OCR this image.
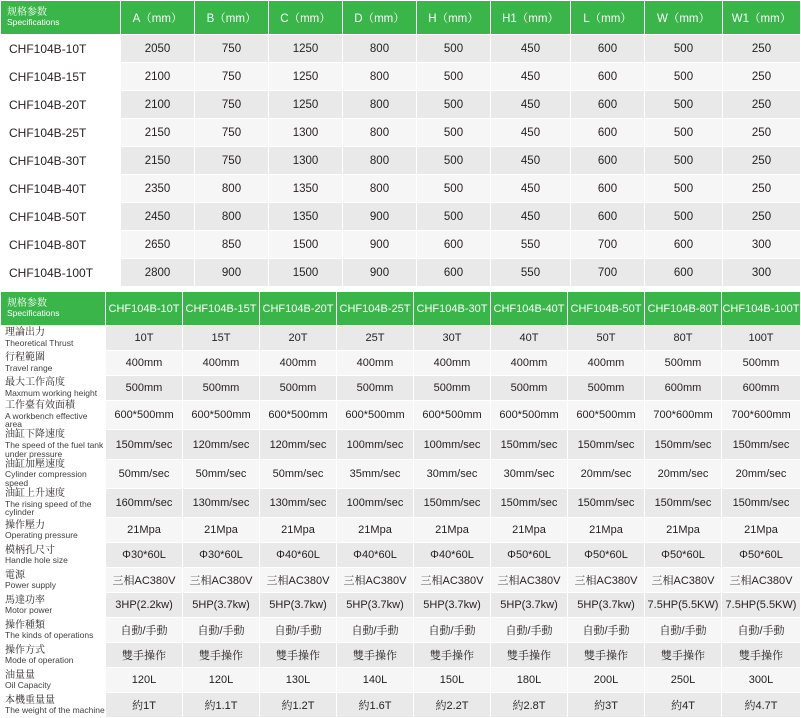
规格参数
Specifications	A（mm）	B（mm）	C（mm）	D（mm）	H（mm）	H1（mm）	L（mm）	W（mm）	W1（mm）
CHF104B-10T	2050	750	1250	800	500	450	600	500	250
CHF104B-15T	2100	750	1250	800	500	450	600	500	250
CHF104B-20T	2100	750	1250	800	500	450	600	500	250
CHF104B-25T	2150	750	1300	800	500	450	600	500	250
CHF104B-30T	2150	750	1300	800	500	450	600	500	250
CHF104B-40T	2350	800	1350	800	500	450	600	500	250
CHF104B-50T	2450	800	1350	900	500	450	600	500	250
CHF104B-80T	2650	850	1500	900	600	550	700	600	300
CHF104B-100T	2800	900	1500	900	600	550	700	600	300
规格参数
Specifications	CHF104B-10T	CHF104B-15T	CHF104B-20T	CHF104B-25T	CHF104B-30T	CHF104B-40T	CHF104B-50T	CHF104B-80T	CHF104B-100T

理論出力
Theoretical Thrust	10T	15T	20T	25T	30T	40T	50T	80T	100T

行程範圍
Travel range	400mm	400mm	400mm	400mm	400mm	400mm	400mm	500mm	500mm

最大工作高度
Maxmum working height	500mm	500mm	500mm	500mm	500mm	500mm	500mm	600mm	600mm

工作臺有效面積
A workbench effective area	600*500mm	600*500mm	600*500mm	600*500mm	600*500mm	600*500mm	600*500mm	700*600mm	700*600mm

油缸下降速度
The speed of the fuel tank under pressure	150mm/sec	120mm/sec	120mm/sec	100mm/sec	100mm/sec	150mm/sec	150mm/sec	150mm/sec	150mm/sec

油缸加壓速度
Cylinder compression speed	50mm/sec	50mm/sec	50mm/sec	35mm/sec	30mm/sec	30mm/sec	20mm/sec	20mm/sec	20mm/sec

油缸上升速度
The rising speed of the cylinder	160mm/sec	130mm/sec	130mm/sec	100mm/sec	150mm/sec	150mm/sec	150mm/sec	150mm/sec	150mm/sec

操作壓力
Operating pressure	21Mpa	21Mpa	21Mpa	21Mpa	21Mpa	21Mpa	21Mpa	21Mpa	21Mpa

模柄孔尺寸
Handle hole size	Φ30*60L	Φ30*60L	Φ40*60L	Φ40*60L	Φ40*60L	Φ50*60L	Φ50*60L	Φ50*60L	Φ50*60L

電源
Power supply	三相AC380V	三相AC380V	三相AC380V	三相AC380V	三相AC380V	三相AC380V	三相AC380V	三相AC380V	三相AC380V

馬達功率
Motor power	3HP(2.2kw)	5HP(3.7kw)	5HP(3.7kw)	5HP(3.7kw)	5HP(3.7kw)	5HP(3.7kw)	5HP(3.7kw)	7.5HP(5.5KW)	7.5HP(5.5KW)

操作種類
The kinds of operations	自動/手動	自動/手動	自動/手動	自動/手動	自動/手動	自動/手動	自動/手動	自動/手動	自動/手動

操作方式
Mode of operation	雙手操作	雙手操作	雙手操作	雙手操作	雙手操作	雙手操作	雙手操作	雙手操作	雙手操作

油量量
Oil Capacity	120L	120L	130L	140L	150L	180L	200L	250L	300L

本機重量量
The weight of the machine	約1T	約1.1T	約1.2T	約1.6T	約2.2T	約2.8T	約3T	約4T	約4.7T
